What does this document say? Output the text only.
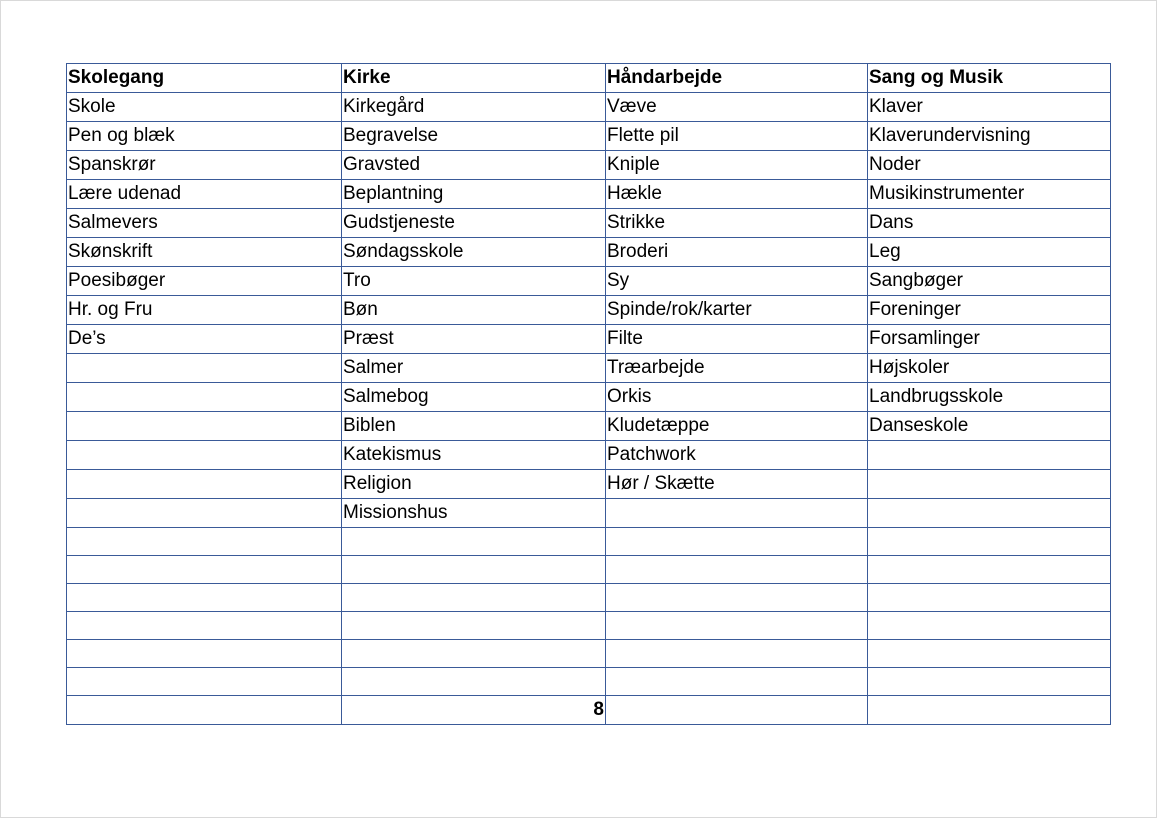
Skolegang	Kirke	Håndarbejde	Sang og Musik
Skole	Kirkegård	Væve	Klaver
Pen og blæk	Begravelse	Flette pil	Klaverundervisning
Spanskrør	Gravsted	Kniple	Noder
Lære udenad	Beplantning	Hækle	Musikinstrumenter
Salmevers	Gudstjeneste	Strikke	Dans
Skønskrift	Søndagsskole	Broderi	Leg
Poesibøger	Tro	Sy	Sangbøger
Hr. og Fru	Bøn	Spinde/rok/karter	Foreninger
De’s	Præst	Filte	Forsamlinger
	Salmer	Træarbejde	Højskoler
	Salmebog	Orkis	Landbrugsskole
	Biblen	Kludetæppe	Danseskole
	Katekismus	Patchwork	
	Religion	Hør / Skætte	
	Missionshus		

	8		
